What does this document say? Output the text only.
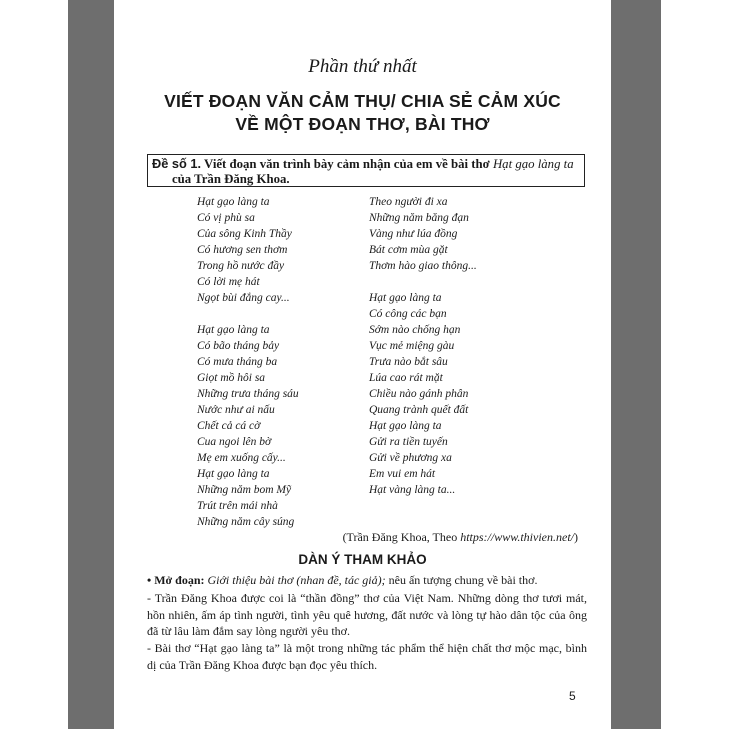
Phần thứ nhất
VIẾT ĐOẠN VĂN CẢM THỤ/ CHIA SẺ CẢM XÚC
VỀ MỘT ĐOẠN THƠ, BÀI THƠ
Đề số 1. Viết đoạn văn trình bày cảm nhận của em về bài thơ Hạt gạo làng ta
của Trần Đăng Khoa.
Hạt gạo làng ta
Có vị phù sa
Của sông Kinh Thầy
Có hương sen thơm
Trong hồ nước đầy
Có lời mẹ hát
Ngọt bùi đắng cay...
Hạt gạo làng ta
Có bão tháng bảy
Có mưa tháng ba
Giọt mồ hôi sa
Những trưa tháng sáu
Nước như ai nấu
Chết cả cá cờ
Cua ngoi lên bờ
Mẹ em xuống cấy...
Hạt gạo làng ta
Những năm bom Mỹ
Trút trên mái nhà
Những năm cây súng
Theo người đi xa
Những năm băng đạn
Vàng như lúa đồng
Bát cơm mùa gặt
Thơm hào giao thông...
Hạt gạo làng ta
Có công các bạn
Sớm nào chống hạn
Vục mẻ miệng gàu
Trưa nào bắt sâu
Lúa cao rát mặt
Chiều nào gánh phân
Quang trành quết đất
Hạt gạo làng ta
Gửi ra tiền tuyến
Gửi về phương xa
Em vui em hát
Hạt vàng làng ta...
(Trần Đăng Khoa, Theo https://www.thivien.net/)
DÀN Ý THAM KHẢO
• Mở đoạn: Giới thiệu bài thơ (nhan đề, tác giả); nêu ấn tượng chung về bài thơ.
- Trần Đăng Khoa được coi là “thần đồng” thơ của Việt Nam. Những dòng thơ tươi mát, hồn nhiên, ấm áp tình người, tình yêu quê hương, đất nước và lòng tự hào dân tộc của ông đã từ lâu làm đắm say lòng người yêu thơ.
- Bài thơ “Hạt gạo làng ta” là một trong những tác phẩm thể hiện chất thơ mộc mạc, bình dị của Trần Đăng Khoa được bạn đọc yêu thích.
5
